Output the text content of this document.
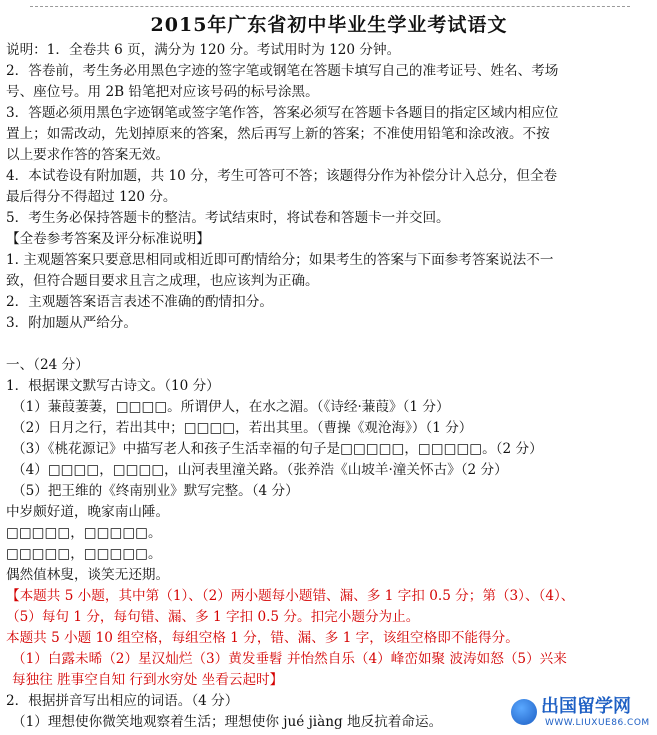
2015年广东省初中毕业生学业考试语文
说明：1．全卷共 6 页，满分为 120 分。考试用时为 120 分钟。
2．答卷前，考生务必用黑色字迹的签字笔或钢笔在答题卡填写自己的准考证号、姓名、考场
号、座位号。用 2B 铅笔把对应该号码的标号涂黑。
3．答题必须用黑色字迹钢笔或签字笔作答，答案必须写在答题卡各题目的指定区域内相应位
置上；如需改动，先划掉原来的答案，然后再写上新的答案；不准使用铅笔和涂改液。不按
以上要求作答的答案无效。
4．本试卷设有附加题，共 10 分，考生可答可不答；该题得分作为补偿分计入总分，但全卷
最后得分不得超过 120 分。
5．考生务必保持答题卡的整洁。考试结束时，将试卷和答题卡一并交回。
【全卷参考答案及评分标准说明】
1. 主观题答案只要意思相同或相近即可酌情给分；如果考生的答案与下面参考答案说法不一
致，但符合题目要求且言之成理，也应该判为正确。
2．主观题答案语言表述不准确的酌情扣分。
3．附加题从严给分。
一、（24 分）
1．根据课文默写古诗文。（10 分）
（1）蒹葭萋萋，□□□□。所谓伊人，在水之湄。（《诗经·蒹葭》（1 分）
（2）日月之行，若出其中；□□□□，若出其里。（曹操《观沧海》）（1 分）
（3）《桃花源记》中描写老人和孩子生活幸福的句子是□□□□□，□□□□□。（2 分）
（4）□□□□，□□□□，山河表里潼关路。（张养浩《山坡羊·潼关怀古》（2 分）
（5）把王维的《终南别业》默写完整。（4 分）
中岁颇好道，晚家南山陲。
□□□□□，□□□□□。
□□□□□，□□□□□。
偶然值林叟，谈笑无还期。
【本题共 5 小题，其中第（1）、（2）两小题每小题错、漏、多 1 字扣 0.5 分；第（3）、（4）、
（5）每句 1 分，每句错、漏、多 1 字扣 0.5 分。扣完小题分为止。
本题共 5 小题 10 组空格，每组空格 1 分，错、漏、多 1 字，该组空格即不能得分。
（1）白露未晞（2）星汉灿烂（3）黄发垂髫 并怡然自乐（4）峰峦如聚 波涛如怒（5）兴来
每独往 胜事空自知 行到水穷处 坐看云起时】
2．根据拼音写出相应的词语。（4 分）
（1）理想使你微笑地观察着生活；理想使你 jué jiàng 地反抗着命运。
出国留学网
WWW.LIUXUE86.COM
